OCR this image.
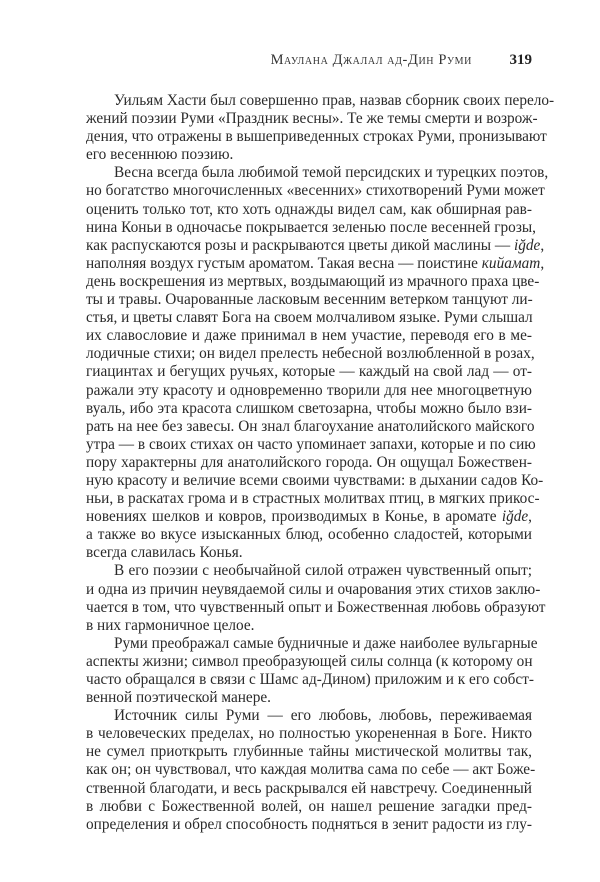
Маулана Джалал ад-Дин Руми	319
Уильям Хасти был совершенно прав, назвав сборник своих перело-
жений поэзии Руми «Праздник весны». Те же темы смерти и возрож-
дения, что отражены в вышеприведенных строках Руми, пронизывают
его весеннюю поэзию.
Весна всегда была любимой темой персидских и турецких поэтов,
но богатство многочисленных «весенних» стихотворений Руми может
оценить только тот, кто хоть однажды видел сам, как обширная рав-
нина Коньи в одночасье покрывается зеленью после весенней грозы,
как распускаются розы и раскрываются цветы дикой маслины — iğde,
наполняя воздух густым ароматом. Такая весна — поистине кийамат,
день воскрешения из мертвых, воздымающий из мрачного праха цве-
ты и травы. Очарованные ласковым весенним ветерком танцуют ли-
стья, и цветы славят Бога на своем молчаливом языке. Руми слышал
их славословие и даже принимал в нем участие, переводя его в ме-
лодичные стихи; он видел прелесть небесной возлюбленной в розах,
гиацинтах и бегущих ручьях, которые — каждый на свой лад — от-
ражали эту красоту и одновременно творили для нее многоцветную
вуаль, ибо эта красота слишком светозарна, чтобы можно было взи-
рать на нее без завесы. Он знал благоухание анатолийского майского
утра — в своих стихах он часто упоминает запахи, которые и по сию
пору характерны для анатолийского города. Он ощущал Божествен-
ную красоту и величие всеми своими чувствами: в дыхании садов Ко-
ньи, в раскатах грома и в страстных молитвах птиц, в мягких прикос-
новениях шелков и ковров, производимых в Конье, в аромате iğde,
а также во вкусе изысканных блюд, особенно сладостей, которыми
всегда славилась Конья.
В его поэзии с необычайной силой отражен чувственный опыт;
и одна из причин неувядаемой силы и очарования этих стихов заклю-
чается в том, что чувственный опыт и Божественная любовь образуют
в них гармоничное целое.
Руми преображал самые будничные и даже наиболее вульгарные
аспекты жизни; символ преобразующей силы солнца (к которому он
часто обращался в связи с Шамс ад-Дином) приложим и к его собст-
венной поэтической манере.
Источник силы Руми — его любовь, любовь, переживаемая
в человеческих пределах, но полностью укорененная в Боге. Никто
не сумел приоткрыть глубинные тайны мистической молитвы так,
как он; он чувствовал, что каждая молитва сама по себе — акт Боже-
ственной благодати, и весь раскрывался ей навстречу. Соединенный
в любви с Божественной волей, он нашел решение загадки пред-
определения и обрел способность подняться в зенит радости из глу-
